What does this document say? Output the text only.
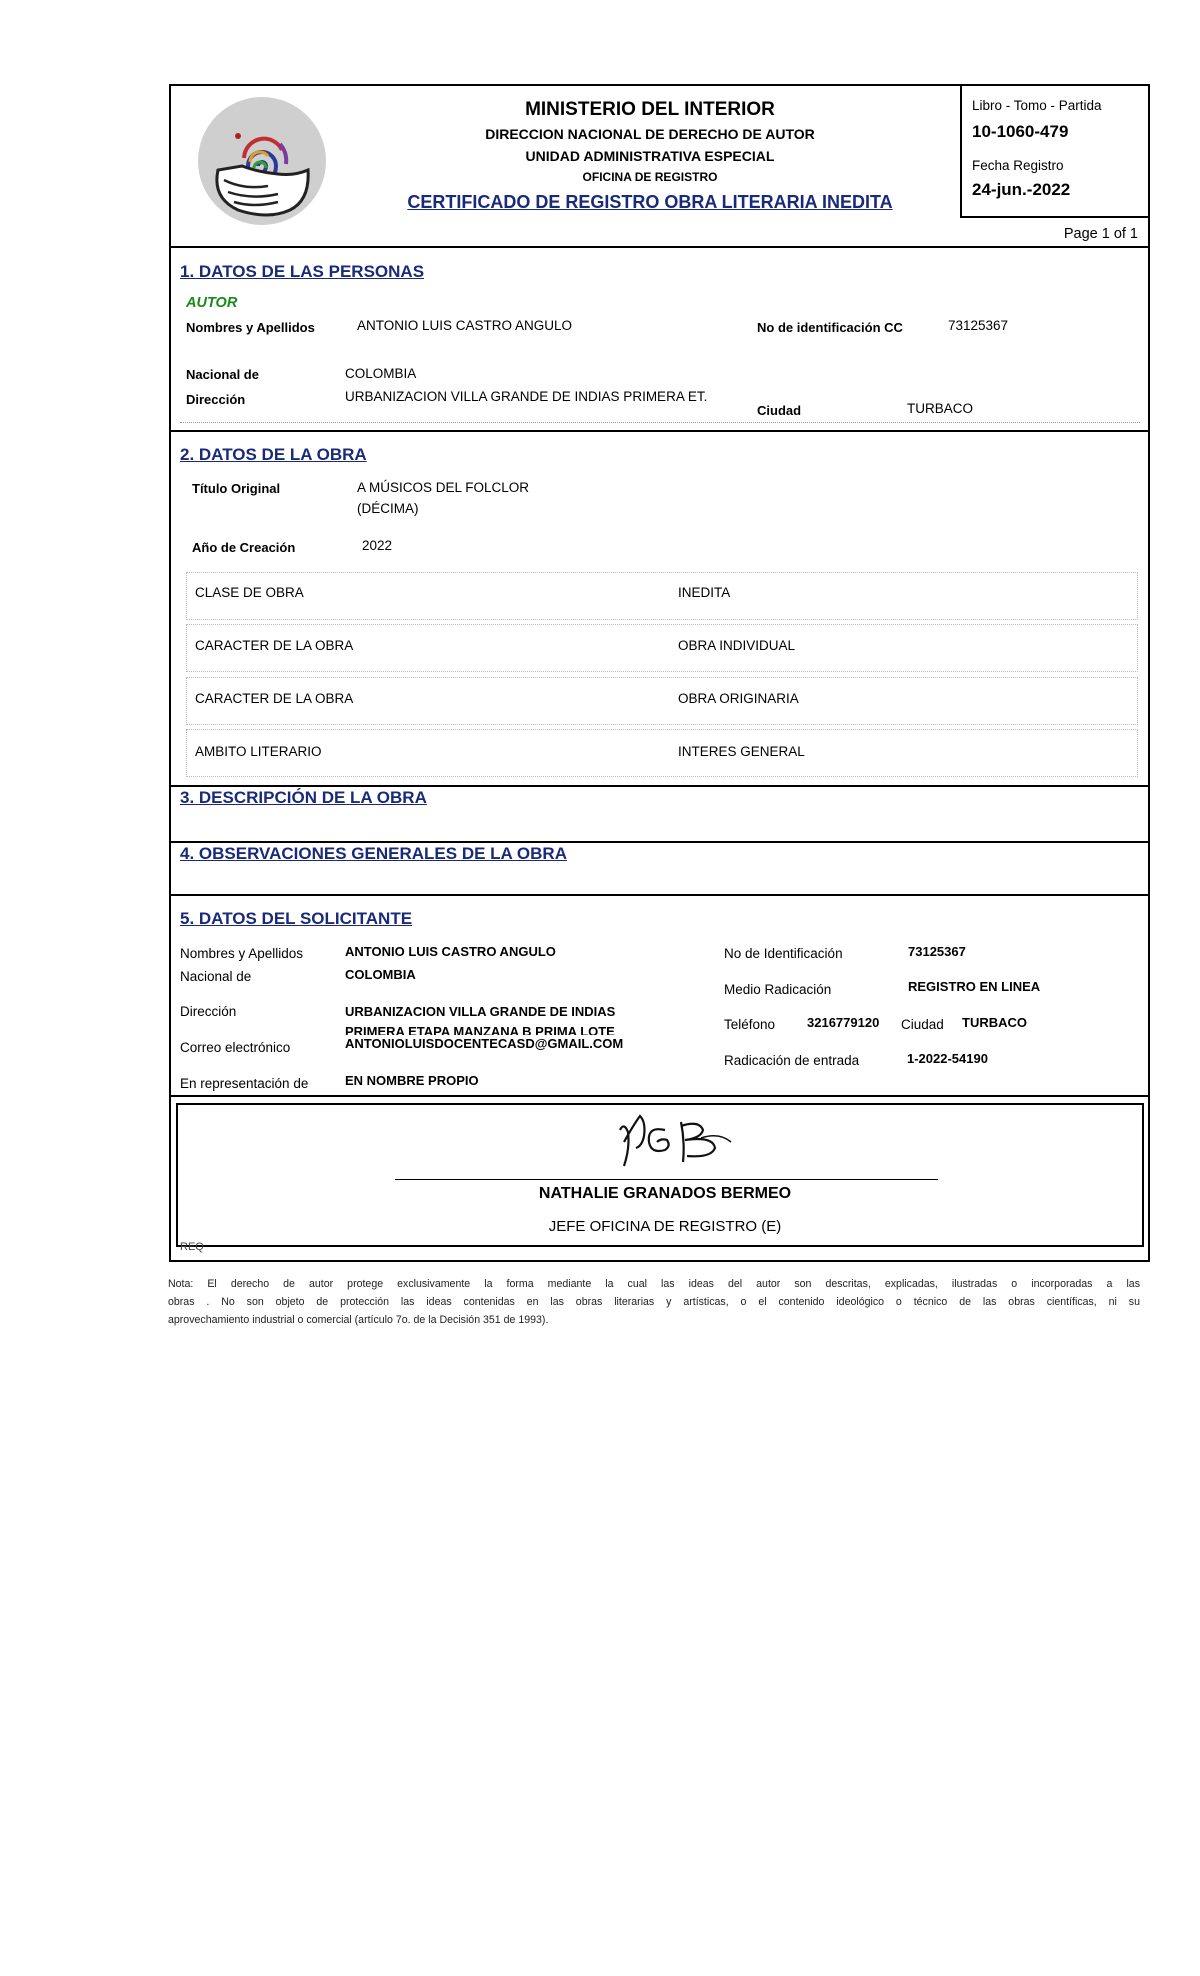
MINISTERIO DEL INTERIOR
DIRECCION NACIONAL DE DERECHO DE AUTOR
UNIDAD ADMINISTRATIVA ESPECIAL
OFICINA DE REGISTRO
CERTIFICADO DE REGISTRO OBRA LITERARIA INEDITA
Libro - Tomo - Partida
10-1060-479
Fecha Registro
24-jun.-2022
Page 1 of 1
1. DATOS DE LAS PERSONAS
AUTOR
Nombres y Apellidos	ANTONIO LUIS CASTRO ANGULO	No de identificación CC	73125367
Nacional de	COLOMBIA
Dirección	URBANIZACION VILLA GRANDE DE INDIAS PRIMERA ET.
Ciudad	TURBACO
2. DATOS DE LA OBRA
Título Original	A MÚSICOS DEL FOLCLOR
(DÉCIMA)
Año de Creación	2022
CLASE DE OBRA	INEDITA
CARACTER DE LA OBRA	OBRA INDIVIDUAL
CARACTER DE LA OBRA	OBRA ORIGINARIA
AMBITO LITERARIO	INTERES GENERAL
3. DESCRIPCIÓN DE LA OBRA
4. OBSERVACIONES GENERALES DE LA OBRA
5. DATOS DEL SOLICITANTE
Nombres y Apellidos	ANTONIO LUIS CASTRO ANGULO
Nacional de	COLOMBIA
Dirección	URBANIZACION VILLA GRANDE DE INDIAS
PRIMERA ETAPA MANZANA B PRIMA LOTE
Correo electrónico	ANTONIOLUISDOCENTECASD@GMAIL.COM
En representación de	EN NOMBRE PROPIO
No de Identificación	73125367
Medio Radicación	REGISTRO EN LINEA
Teléfono 3216779120 Ciudad TURBACO
Radicación de entrada	1-2022-54190
NATHALIE GRANADOS BERMEO
JEFE OFICINA DE REGISTRO (E)
REQ
Nota: El derecho de autor protege exclusivamente la forma mediante la cual las ideas del autor son descritas, explicadas, ilustradas o incorporadas a las
obras . No son objeto de protección las ideas contenidas en las obras literarias y artísticas, o el contenido ideológico o técnico de las obras científicas, ni su
aprovechamiento industrial o comercial (artículo 7o. de la Decisión 351 de 1993).
